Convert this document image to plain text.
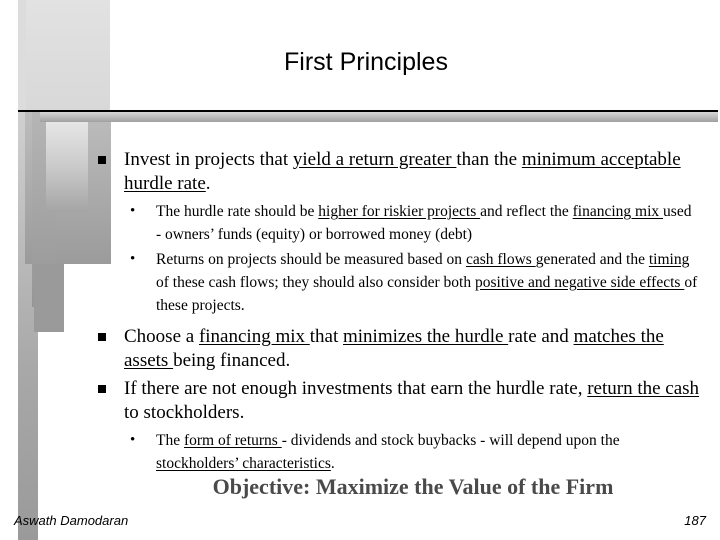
First Principles
Invest in projects that yield a return greater than the minimum acceptable hurdle rate.
• The hurdle rate should be higher for riskier projects and reflect the financing mix used - owners’ funds (equity) or borrowed money (debt)
• Returns on projects should be measured based on cash flows generated and the timing of these cash flows; they should also consider both positive and negative side effects of these projects.
Choose a financing mix that minimizes the hurdle rate and matches the assets being financed.
If there are not enough investments that earn the hurdle rate, return the cash to stockholders.
• The form of returns - dividends and stock buybacks - will depend upon the stockholders’ characteristics.
Objective: Maximize the Value of the Firm
Aswath Damodaran	187
